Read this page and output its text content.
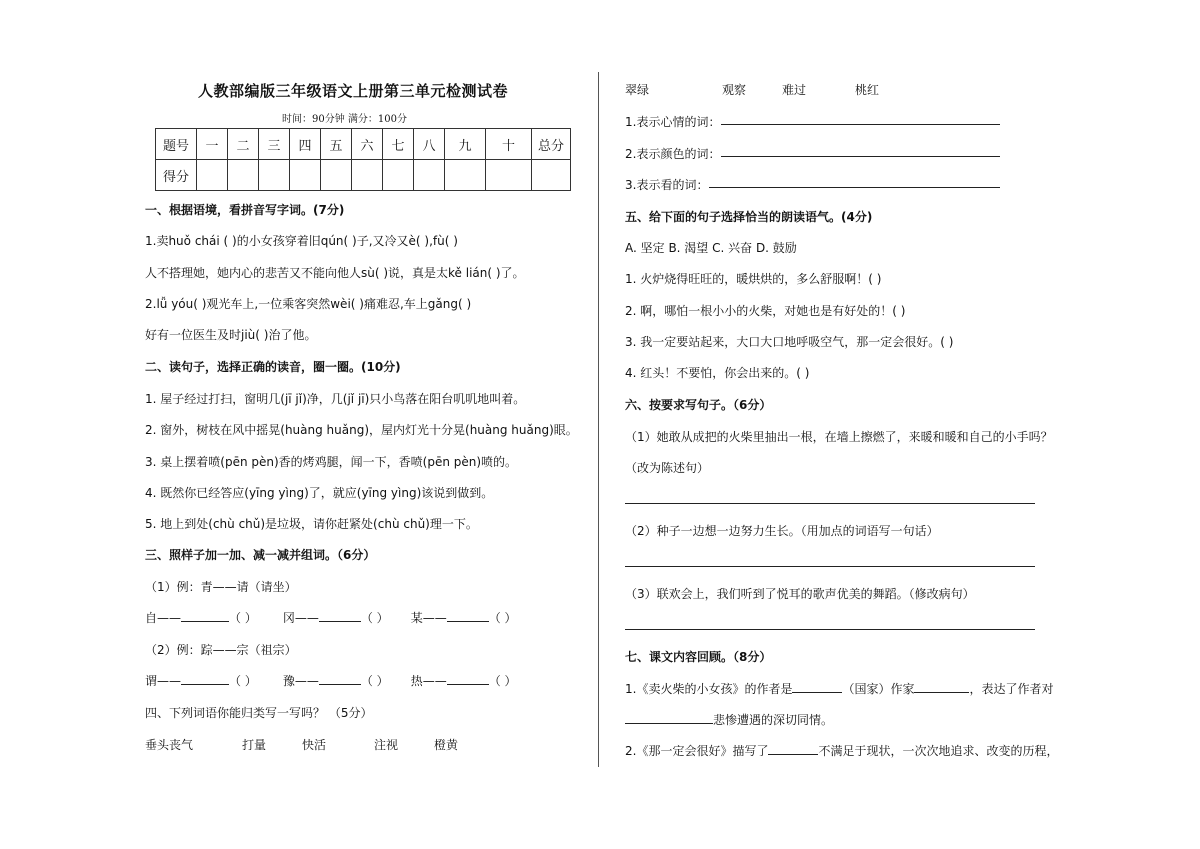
人教部编版三年级语文上册第三单元检测试卷
时间：90分钟 满分：100分
题号	一	二	三	四	五	六	七	八	九	十	总分
得分											
一、根据语境，看拼音写字词。(7分)
1.卖huǒ chái ( )的小女孩穿着旧qún( )子,又冷又è( ),fù( )
人不搭理她，她内心的悲苦又不能向他人sù( )说，真是太kě lián( )了。
2.lǚ yóu( )观光车上,一位乘客突然wèi( )痛难忍,车上gǎng( )
好有一位医生及时jiù( )治了他。
二、读句子，选择正确的读音，圈一圈。(10分)
1. 屋子经过打扫，窗明几(jī jǐ)净，几(jǐ jī)只小鸟落在阳台叽叽地叫着。
2. 窗外，树枝在风中摇晃(huàng huǎng)，屋内灯光十分晃(huàng huǎng)眼。
3. 桌上摆着喷(pēn pèn)香的烤鸡腿，闻一下，香喷(pēn pèn)喷的。
4. 既然你已经答应(yīng yìng)了，就应(yīng yìng)该说到做到。
5. 地上到处(chù chǔ)是垃圾，请你赶紧处(chù chǔ)理一下。
三、照样子加一加、减一减并组词。（6分）
（1）例：青——请（请坐）
自——	（ ） 冈——	（ ） 某——	（ ）
（2）例：踪——宗（祖宗）
谓——	（ ） 豫——	（ ） 热——	（ ）
四、下列词语你能归类写一写吗？ （5分）
垂头丧气	打量	快活	注视	橙黄
翠绿	观察	难过	桃红
1.表示心情的词：
2.表示颜色的词：
3.表示看的词：
五、给下面的句子选择恰当的朗读语气。(4分)
A. 坚定 B. 渴望 C. 兴奋 D. 鼓励
1. 火炉烧得旺旺的，暖烘烘的，多么舒服啊！( )
2. 啊，哪怕一根小小的火柴，对她也是有好处的！( )
3. 我一定要站起来，大口大口地呼吸空气，那一定会很好。( )
4. 红头！不要怕，你会出来的。( )
六、按要求写句子。（6分）
（1）她敢从成把的火柴里抽出一根，在墙上擦燃了，来暖和暖和自己的小手吗？
（改为陈述句）
（2）种子一边想一边努力生长。（用加点的词语写一句话）
（3）联欢会上，我们听到了悦耳的歌声优美的舞蹈。（修改病句）
七、课文内容回顾。（8分）
1.《卖火柴的小女孩》的作者是	（国家）作家	，表达了作者对
悲惨遭遇的深切同情。
2.《那一定会很好》描写了	不满足于现状，一次次地追求、改变的历程，
